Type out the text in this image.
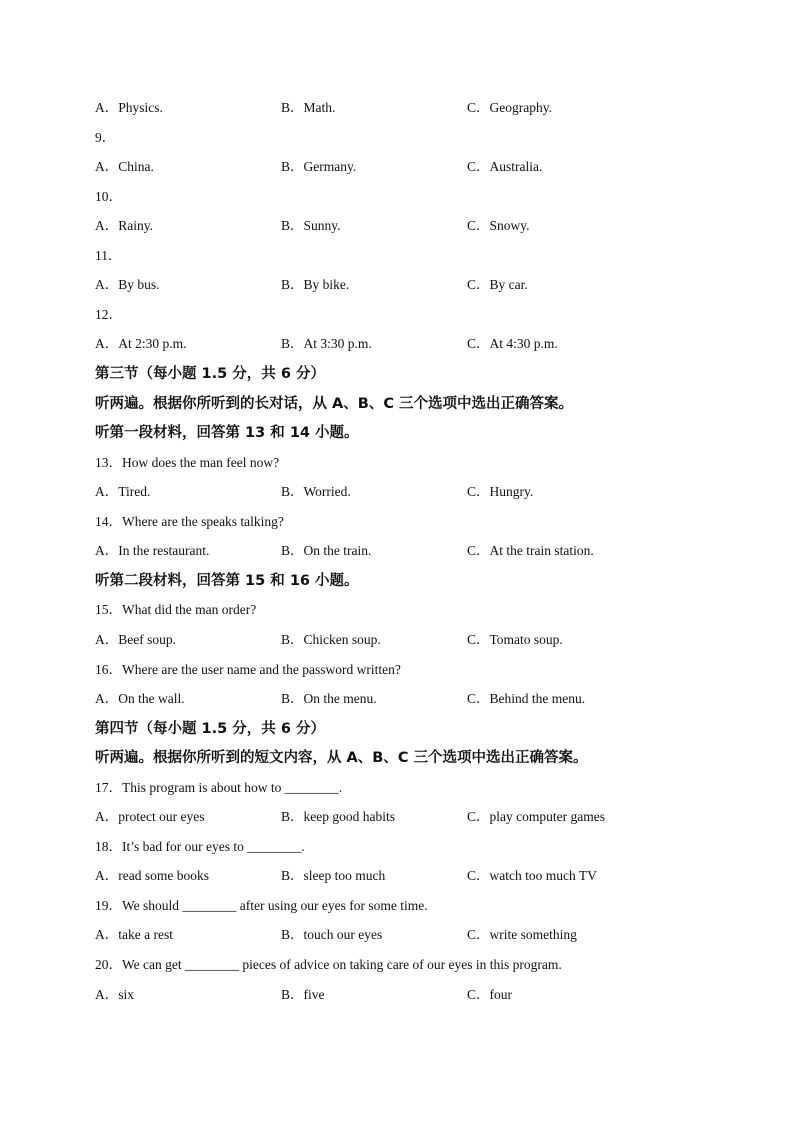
A．Physics.	B．Math.	C．Geography.
9．
A．China.	B．Germany.	C．Australia.
10．
A．Rainy.	B．Sunny.	C．Snowy.
11．
A．By bus.	B．By bike.	C．By car.
12．
A．At 2:30 p.m.	B．At 3:30 p.m.	C．At 4:30 p.m.
第三节（每小题 1.5 分，共 6 分）
听两遍。根据你所听到的长对话，从 A、B、C 三个选项中选出正确答案。
听第一段材料，回答第 13 和 14 小题。
13．How does the man feel now?
A．Tired.	B．Worried.	C．Hungry.
14．Where are the speaks talking?
A．In the restaurant.	B．On the train.	C．At the train station.
听第二段材料，回答第 15 和 16 小题。
15．What did the man order?
A．Beef soup.	B．Chicken soup.	C．Tomato soup.
16．Where are the user name and the password written?
A．On the wall.	B．On the menu.	C．Behind the menu.
第四节（每小题 1.5 分，共 6 分）
听两遍。根据你所听到的短文内容，从 A、B、C 三个选项中选出正确答案。
17．This program is about how to ________.
A．protect our eyes	B．keep good habits	C．play computer games
18．It’s bad for our eyes to ________.
A．read some books	B．sleep too much	C．watch too much TV
19．We should ________ after using our eyes for some time.
A．take a rest	B．touch our eyes	C．write something
20．We can get ________ pieces of advice on taking care of our eyes in this program.
A．six	B．five	C．four
